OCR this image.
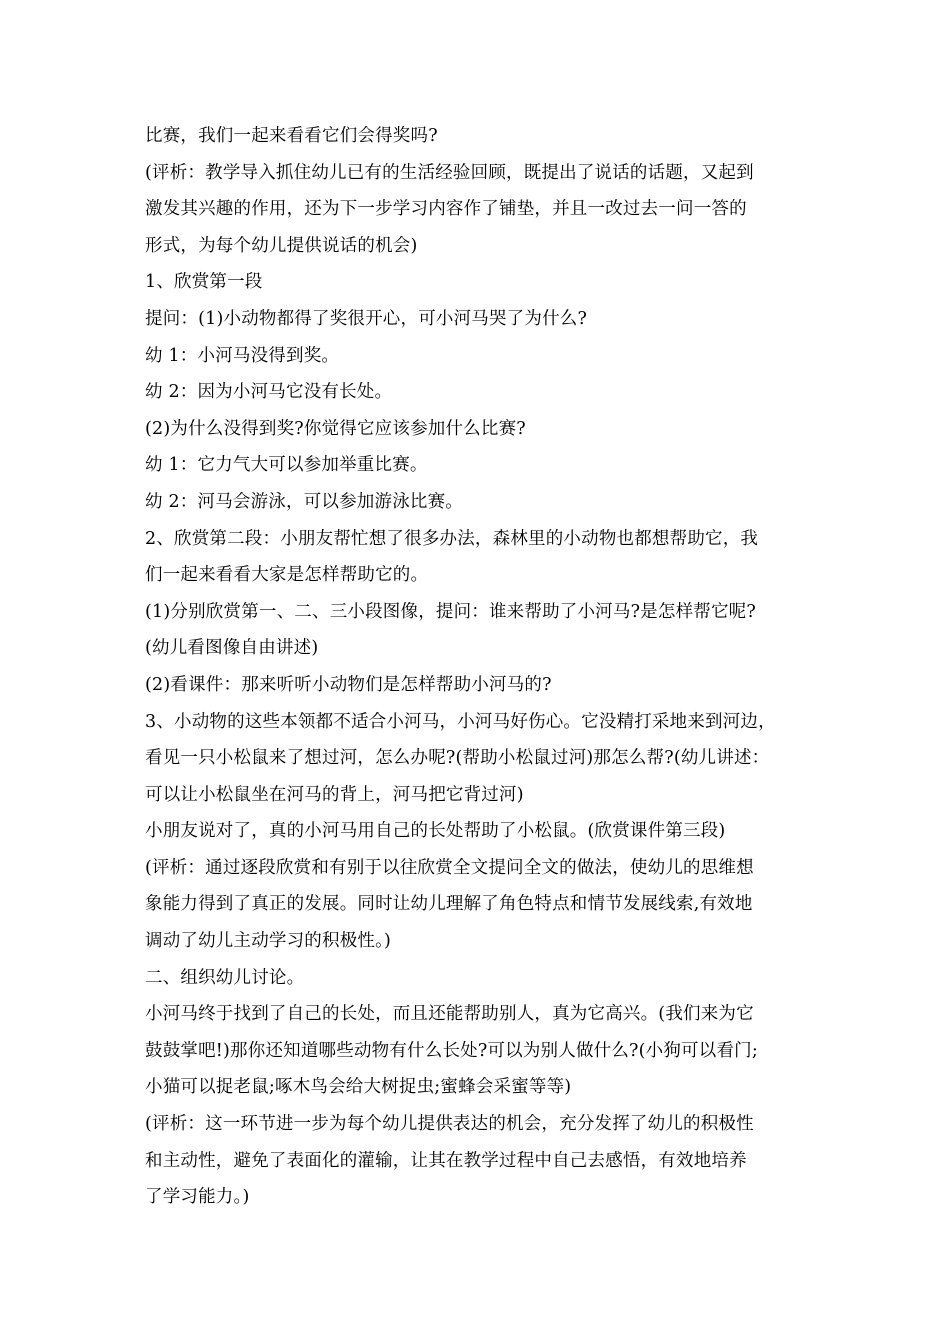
比赛，我们一起来看看它们会得奖吗?
(评析：教学导入抓住幼儿已有的生活经验回顾，既提出了说话的话题，又起到
激发其兴趣的作用，还为下一步学习内容作了铺垫，并且一改过去一问一答的
形式，为每个幼儿提供说话的机会)
1、欣赏第一段
提问：(1)小动物都得了奖很开心，可小河马哭了为什么?
幼 1：小河马没得到奖。
幼 2：因为小河马它没有长处。
(2)为什么没得到奖?你觉得它应该参加什么比赛?
幼 1：它力气大可以参加举重比赛。
幼 2：河马会游泳，可以参加游泳比赛。
2、欣赏第二段：小朋友帮忙想了很多办法，森林里的小动物也都想帮助它，我
们一起来看看大家是怎样帮助它的。
(1)分别欣赏第一、二、三小段图像，提问：谁来帮助了小河马?是怎样帮它呢?
(幼儿看图像自由讲述)
(2)看课件：那来听听小动物们是怎样帮助小河马的?
3、小动物的这些本领都不适合小河马，小河马好伤心。它没精打采地来到河边，
看见一只小松鼠来了想过河，怎么办呢?(帮助小松鼠过河)那怎么帮?(幼儿讲述：
可以让小松鼠坐在河马的背上，河马把它背过河)
小朋友说对了，真的小河马用自己的长处帮助了小松鼠。(欣赏课件第三段)
(评析：通过逐段欣赏和有别于以往欣赏全文提问全文的做法，使幼儿的思维想
象能力得到了真正的发展。同时让幼儿理解了角色特点和情节发展线索,有效地
调动了幼儿主动学习的积极性。)
二、组织幼儿讨论。
小河马终于找到了自己的长处，而且还能帮助别人，真为它高兴。(我们来为它
鼓鼓掌吧!)那你还知道哪些动物有什么长处?可以为别人做什么?(小狗可以看门;
小猫可以捉老鼠;啄木鸟会给大树捉虫;蜜蜂会采蜜等等)
(评析：这一环节进一步为每个幼儿提供表达的机会，充分发挥了幼儿的积极性
和主动性，避免了表面化的灌输，让其在教学过程中自己去感悟，有效地培养
了学习能力。)
